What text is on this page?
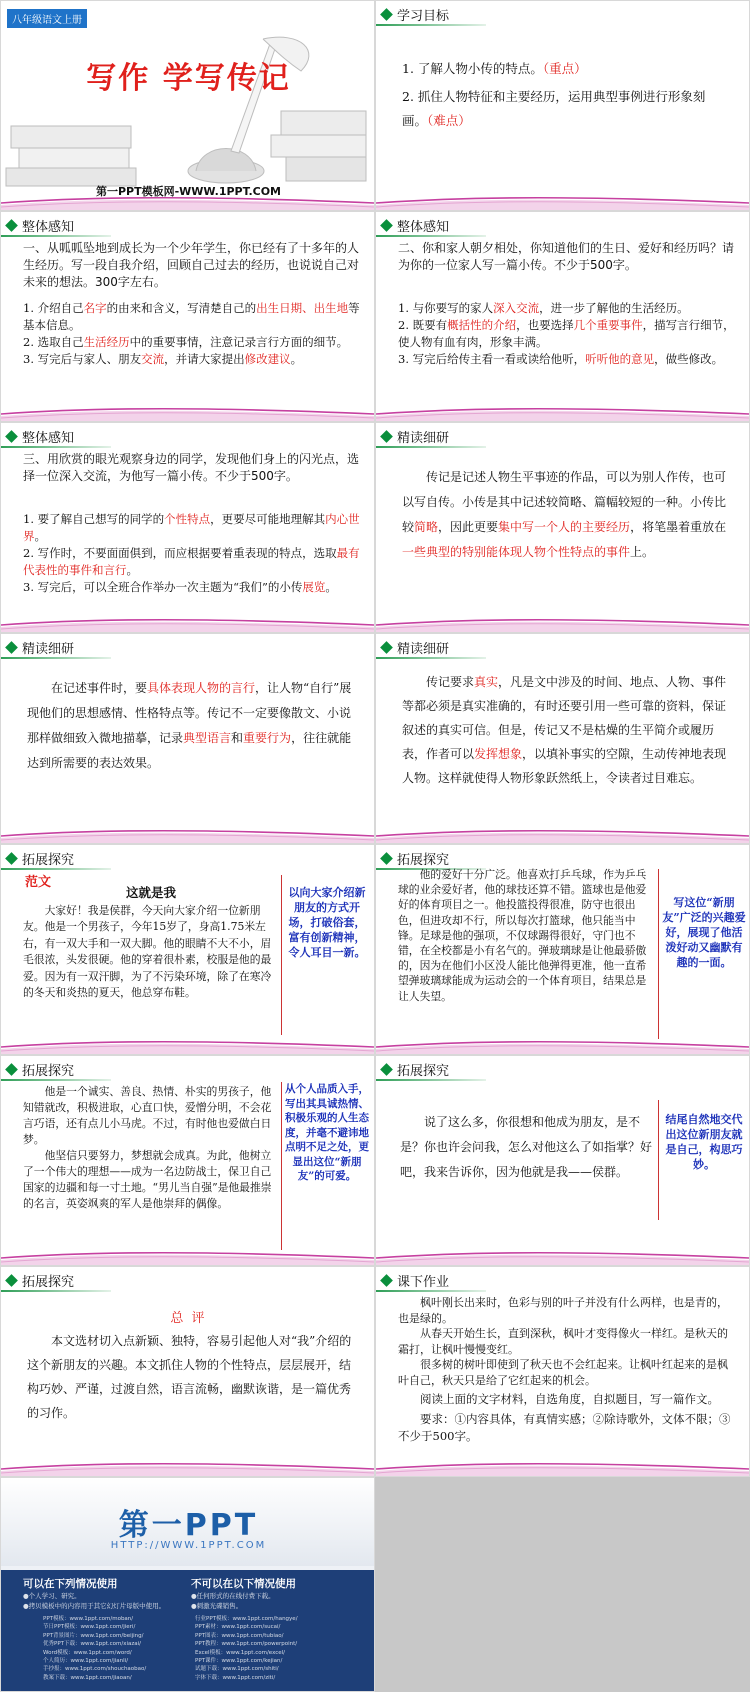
八年级语文上册
写作 学写传记
第一PPT模板网-WWW.1PPT.COM
学习目标

1. 了解人物小传的特点。（重点）

2. 抓住人物特征和主要经历，运用典型事例进行形象刻画。（难点）

整体感知
一、从呱呱坠地到成长为一个少年学生，你已经有了十多年的人生经历。写一段自我介绍，回顾自己过去的经历，也说说自己对未来的想法。300字左右。

1. 介绍自己名字的由来和含义，写清楚自己的出生日期、出生地等基本信息。

2. 选取自己生活经历中的重要事情，注意记录言行方面的细节。

3. 写完后与家人、朋友交流，并请大家提出修改建议。

整体感知
二、你和家人朝夕相处，你知道他们的生日、爱好和经历吗？请为你的一位家人写一篇小传。不少于500字。

1. 与你要写的家人深入交流，进一步了解他的生活经历。

2. 既要有概括性的介绍，也要选择几个重要事件，描写言行细节，使人物有血有肉，形象丰满。

3. 写完后给传主看一看或读给他听，听听他的意见，做些修改。

整体感知
三、用欣赏的眼光观察身边的同学，发现他们身上的闪光点，选择一位深入交流，为他写一篇小传。不少于500字。

1. 要了解自己想写的同学的个性特点，更要尽可能地理解其内心世界。

2. 写作时，不要面面俱到，而应根据要着重表现的特点，选取最有代表性的事件和言行。

3. 写完后，可以全班合作举办一次主题为“我们”的小传展览。

精读细研
传记是记述人物生平事迹的作品，可以为别人作传，也可以写自传。小传是其中记述较简略、篇幅较短的一种。小传比较简略，因此更要集中写一个人的主要经历，将笔墨着重放在一些典型的特别能体现人物个性特点的事件上。
精读细研
在记述事件时，要具体表现人物的言行，让人物“自行”展现他们的思想感情、性格特点等。传记不一定要像散文、小说那样做细致入微地描摹，记录典型语言和重要行为，往往就能达到所需要的表达效果。
精读细研
传记要求真实，凡是文中涉及的时间、地点、人物、事件等都必须是真实准确的，有时还要引用一些可靠的资料，保证叙述的真实可信。但是，传记又不是枯燥的生平简介或履历表，作者可以发挥想象，以填补事实的空隙，生动传神地表现人物。这样就使得人物形象跃然纸上，令读者过目难忘。
拓展探究
范文
这就是我
大家好！我是侯群，今天向大家介绍一位新朋友。他是一个男孩子，今年15岁了，身高1.75米左右，有一双大手和一双大脚。他的眼睛不大不小，眉毛很浓，头发很硬。他的穿着很朴素，校服是他的最爱。因为有一双汗脚，为了不污染环境，除了在寒冷的冬天和炎热的夏天，他总穿布鞋。
以向大家介绍新朋友的方式开场，打破俗套，富有创新精神，令人耳目一新。
拓展探究
他的爱好十分广泛。他喜欢打乒乓球，作为乒乓球的业余爱好者，他的球技还算不错。篮球也是他爱好的体育项目之一。他投篮投得很准，防守也很出色，但进攻却不行，所以每次打篮球，他只能当中锋。足球是他的强项，不仅球踢得很好，守门也不错，在全校都是小有名气的。弹玻璃球是让他最骄傲的，因为在他们小区没人能比他弹得更准，他一直希望弹玻璃球能成为运动会的一个体育项目，结果总是让人失望。
写这位“新朋友”广泛的兴趣爱好，展现了他活泼好动又幽默有趣的一面。
拓展探究

他是一个诚实、善良、热情、朴实的男孩子，他知错就改，积极进取，心直口快，爱憎分明，不会花言巧语，还有点儿小马虎。不过，有时他也爱做白日梦。

他坚信只要努力，梦想就会成真。为此，他树立了一个伟大的理想——成为一名边防战士，保卫自己国家的边疆和每一寸土地。“男儿当自强”是他最推崇的名言，英姿飒爽的军人是他崇拜的偶像。

从个人品质入手，写出其具诚热情、积极乐观的人生态度，并毫不避讳地点明不足之处，更显出这位“新朋友”的可爱。
拓展探究
说了这么多，你很想和他成为朋友，是不是？你也许会问我，怎么对他这么了如指掌？好吧，我来告诉你，因为他就是我——侯群。
结尾自然地交代出这位新朋友就是自己，构思巧妙。
拓展探究
总 评
本文选材切入点新颖、独特，容易引起他人对“我”介绍的这个新朋友的兴趣。本文抓住人物的个性特点，层层展开，结构巧妙、严谨，过渡自然，语言流畅，幽默诙谐，是一篇优秀的习作。
课下作业

枫叶刚长出来时，色彩与别的叶子并没有什么两样，也是青的，也是绿的。

从春天开始生长，直到深秋，枫叶才变得像火一样红。是秋天的霜打，让枫叶慢慢变红。

很多树的树叶即使到了秋天也不会红起来。让枫叶红起来的是枫叶自己，秋天只是给了它红起来的机会。

阅读上面的文字材料，自选角度，自拟题目，写一篇作文。

要求：①内容具体，有真情实感；②除诗歌外，文体不限；③不少于500字。

第一PPT
HTTP://WWW.1PPT.COM
可以在下列情况使用
●个人学习、研究。
●拷贝模板中的内容用于其它幻灯片母版中使用。
不可以在以下情况使用
●任何形式的在线付费下载。
●刺激光碟销售。
PPT模板：www.1ppt.com/moban/
节日PPT模板：www.1ppt.com/jieri/
PPT背景图片：www.1ppt.com/beijing/
优秀PPT下载：www.1ppt.com/xiazai/
Word模板：www.1ppt.com/word/
个人简历：www.1ppt.com/jianli/
手抄报：www.1ppt.com/shouchaobao/
教案下载：www.1ppt.com/jiaoan/
行业PPT模板：www.1ppt.com/hangye/
PPT素材：www.1ppt.com/sucai/
PPT图表：www.1ppt.com/tubiao/
PPT教程：www.1ppt.com/powerpoint/
Excel模板：www.1ppt.com/excel/
PPT课件：www.1ppt.com/kejian/
试题下载：www.1ppt.com/shiti/
字体下载：www.1ppt.com/ziti/
